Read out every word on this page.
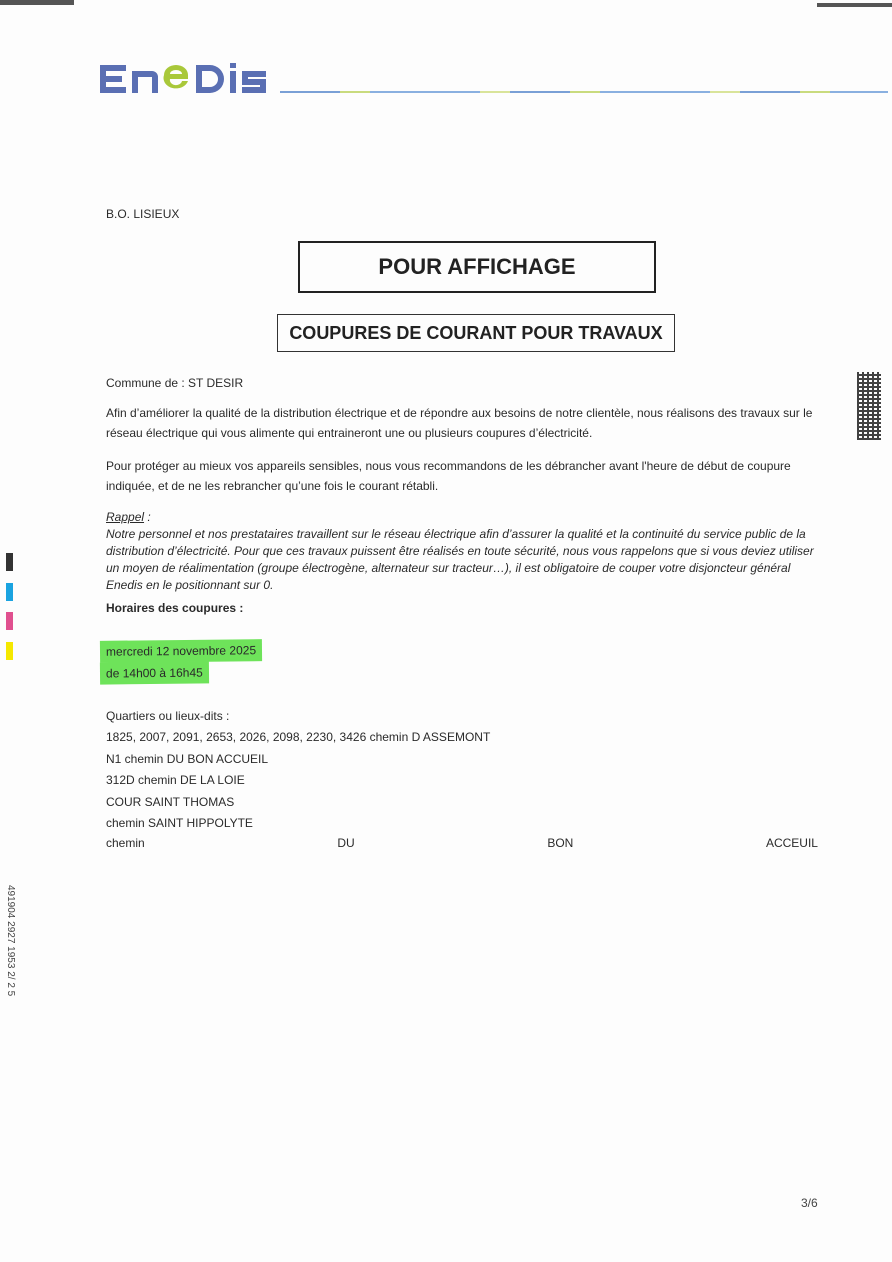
B.O. LISIEUX
POUR AFFICHAGE
COUPURES DE COURANT POUR TRAVAUX
Commune de : ST DESIR
Afin d’améliorer la qualité de la distribution électrique et de répondre aux besoins de notre clientèle, nous réalisons des travaux sur le réseau électrique qui vous alimente qui entraineront une ou plusieurs coupures d’électricité.
Pour protéger au mieux vos appareils sensibles, nous vous recommandons de les débrancher avant l'heure de début de coupure indiquée, et de ne les rebrancher qu’une fois le courant rétabli.
Rappel :
Notre personnel et nos prestataires travaillent sur le réseau électrique afin d’assurer la qualité et la continuité du service public de la distribution d’électricité. Pour que ces travaux puissent être réalisés en toute sécurité, nous vous rappelons que si vous deviez utiliser un moyen de réalimentation (groupe électrogène, alternateur sur tracteur…), il est obligatoire de couper votre disjoncteur général Enedis en le positionnant sur 0.
Horaires des coupures :
mercredi 12 novembre 2025
de 14h00 à 16h45
Quartiers ou lieux-dits :
1825, 2007, 2091, 2653, 2026, 2098, 2230, 3426 chemin D ASSEMONT
N1 chemin DU BON ACCUEIL
312D chemin DE LA LOIE
COUR SAINT THOMAS
chemin SAINT HIPPOLYTE
chemin	DU	BON	ACCEUIL
491904 2927 1953 2/ 2 5
3/6
